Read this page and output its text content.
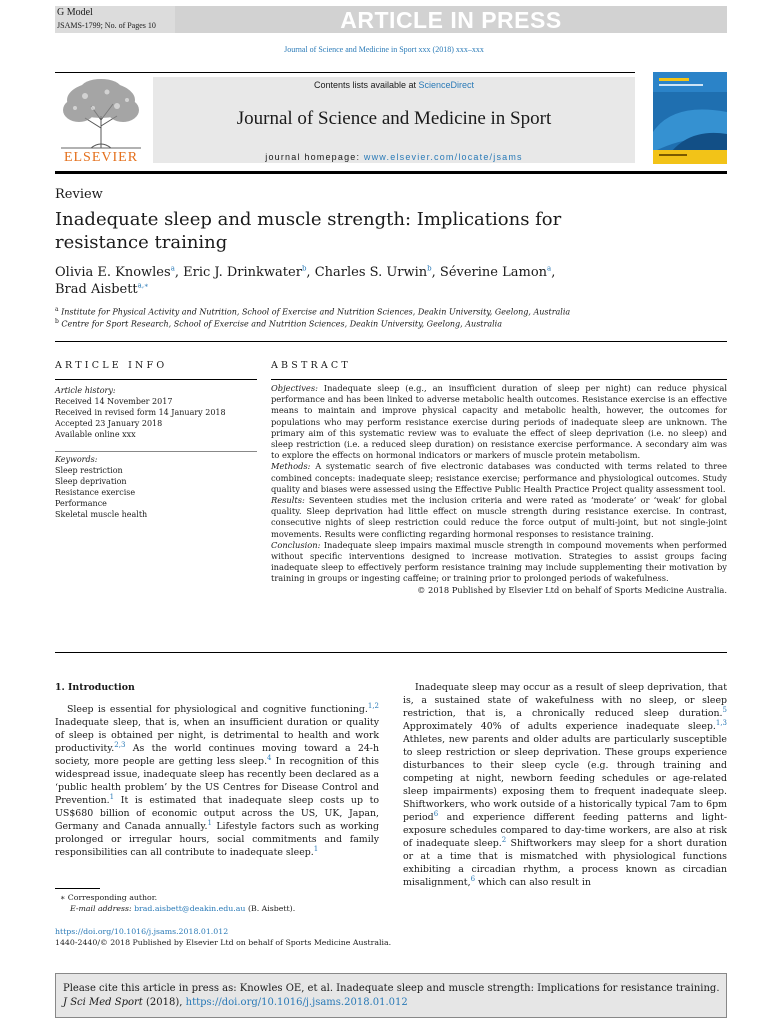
G Model
JSAMS-1799; No. of Pages 10	ARTICLE IN PRESS
Journal of Science and Medicine in Sport xxx (2018) xxx–xxx
ELSEVIER
Contents lists available at ScienceDirect
Journal of Science and Medicine in Sport
journal homepage: www.elsevier.com/locate/jsams
Review
Inadequate sleep and muscle strength: Implications for resistance training
Olivia E. Knowles$^a$, Eric J. Drinkwater$^b$, Charles S. Urwin$^b$, Séverine Lamon$^a$,
Brad Aisbett$^{a,∗}$
$^a$ Institute for Physical Activity and Nutrition, School of Exercise and Nutrition Sciences, Deakin University, Geelong, Australia
$^b$ Centre for Sport Research, School of Exercise and Nutrition Sciences, Deakin University, Geelong, Australia
ARTICLE INFO	ABSTRACT
Article history:
Received 14 November 2017
Received in revised form 14 January 2018
Accepted 23 January 2018
Available online xxx
Keywords:
Sleep restriction
Sleep deprivation
Resistance exercise
Performance
Skeletal muscle health

Objectives: Inadequate sleep (e.g., an insufficient duration of sleep per night) can reduce physical performance and has been linked to adverse metabolic health outcomes. Resistance exercise is an effective means to maintain and improve physical capacity and metabolic health, however, the outcomes for populations who may perform resistance exercise during periods of inadequate sleep are unknown. The primary aim of this systematic review was to evaluate the effect of sleep deprivation (i.e. no sleep) and sleep restriction (i.e. a reduced sleep duration) on resistance exercise performance. A secondary aim was to explore the effects on hormonal indicators or markers of muscle protein metabolism.

Methods: A systematic search of five electronic databases was conducted with terms related to three combined concepts: inadequate sleep; resistance exercise; performance and physiological outcomes. Study quality and biases were assessed using the Effective Public Health Practice Project quality assessment tool.

Results: Seventeen studies met the inclusion criteria and were rated as ‘moderate’ or ‘weak’ for global quality. Sleep deprivation had little effect on muscle strength during resistance exercise. In contrast, consecutive nights of sleep restriction could reduce the force output of multi-joint, but not single-joint movements. Results were conflicting regarding hormonal responses to resistance training.

Conclusion: Inadequate sleep impairs maximal muscle strength in compound movements when performed without specific interventions designed to increase motivation. Strategies to assist groups facing inadequate sleep to effectively perform resistance training may include supplementing their motivation by training in groups or ingesting caffeine; or training prior to prolonged periods of wakefulness.

© 2018 Published by Elsevier Ltd on behalf of Sports Medicine Australia.

1. Introduction

Sleep is essential for physiological and cognitive functioning.$^{1,2}$ Inadequate sleep, that is, when an insufficient duration or quality of sleep is obtained per night, is detrimental to health and work productivity.$^{2,3}$ As the world continues moving toward a 24-h society, more people are getting less sleep.$^4$ In recognition of this widespread issue, inadequate sleep has recently been declared as a ‘public health problem’ by the US Centres for Disease Control and Prevention.$^1$ It is estimated that inadequate sleep costs up to US$680 billion of economic output across the US, UK, Japan, Germany and Canada annually.$^1$ Lifestyle factors such as working prolonged or irregular hours, social commitments and family responsibilities can all contribute to inadequate sleep.$^1$

Inadequate sleep may occur as a result of sleep deprivation, that is, a sustained state of wakefulness with no sleep, or sleep restriction, that is, a chronically reduced sleep duration.$^5$ Approximately 40% of adults experience inadequate sleep.$^{1,3}$ Athletes, new parents and older adults are particularly susceptible to sleep restriction or sleep deprivation. These groups experience disturbances to their sleep cycle (e.g. through training and competing at night, newborn feeding schedules or age-related sleep impairments) exposing them to frequent inadequate sleep. Shiftworkers, who work outside of a historically typical 7am to 6pm period$^6$ and experience different feeding patterns and light-exposure schedules compared to day-time workers, are also at risk of inadequate sleep.$^2$ Shiftworkers may sleep for a short duration or at a time that is mismatched with physiological functions exhibiting a circadian rhythm, a process known as circadian misalignment,$^6$ which can also result in

∗ Corresponding author.
E-mail address: brad.aisbett@deakin.edu.au (B. Aisbett).
https://doi.org/10.1016/j.jsams.2018.01.012
1440-2440/© 2018 Published by Elsevier Ltd on behalf of Sports Medicine Australia.
Please cite this article in press as: Knowles OE, et al. Inadequate sleep and muscle strength: Implications for resistance training. J Sci Med Sport (2018), https://doi.org/10.1016/j.jsams.2018.01.012
